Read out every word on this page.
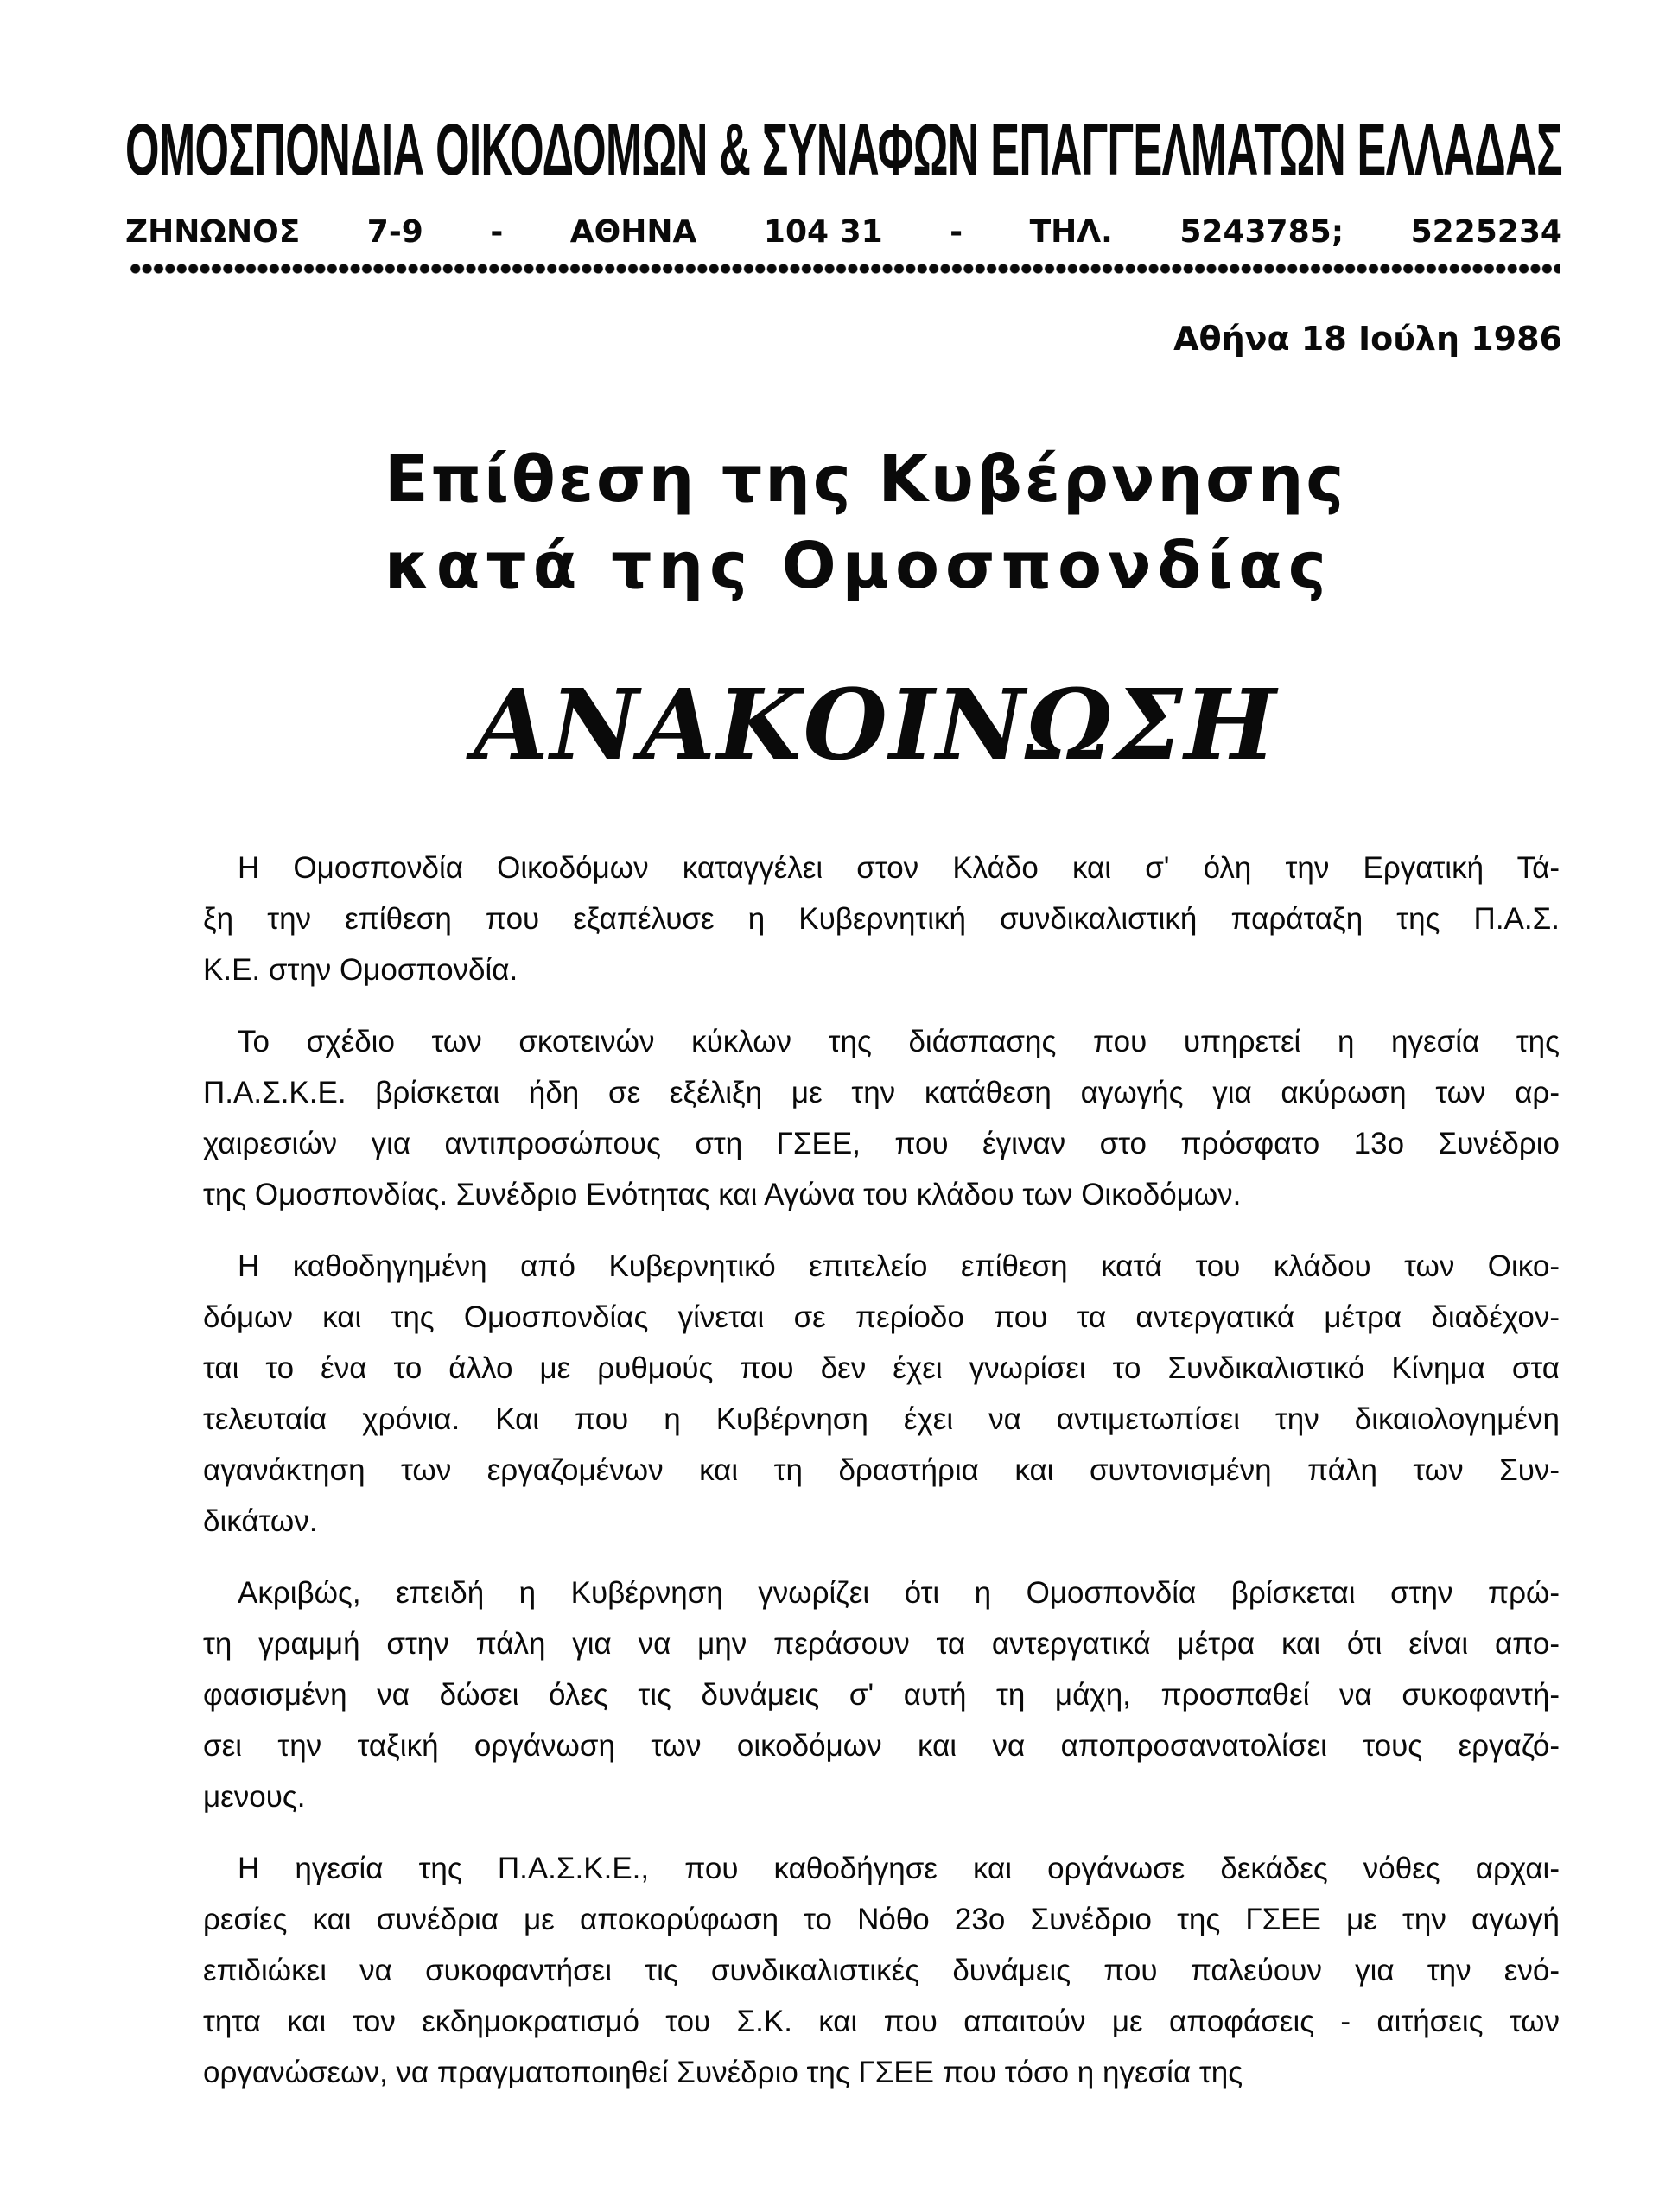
ΟΜΟΣΠΟΝΔΙΑ ΟΙΚΟΔΟΜΩΝ & ΣΥΝΑΦΩΝ ΕΠΑΓΓΕΛΜΑΤΩΝ ΕΛΛΑΔΑΣ
ΖΗΝΩΝΟΣ 7-9 - ΑΘΗΝΑ 104 31 - ΤΗΛ. 5243785; 5225234
Αθήνα 18 Ιούλη 1986
Επίθεση της Κυβέρνησης
κατά της Ομοσπονδίας
ΑΝΑΚΟΙΝΩΣΗ
Η Ομοσπονδία Οικοδόμων καταγγέλει στον Κλάδο και σ' όλη την Εργατική Τά-
ξη την επίθεση που εξαπέλυσε η Κυβερνητική συνδικαλιστική παράταξη της Π.Α.Σ.
Κ.Ε. στην Ομοσπονδία.
Το σχέδιο των σκοτεινών κύκλων της διάσπασης που υπηρετεί η ηγεσία της
Π.Α.Σ.Κ.Ε. βρίσκεται ήδη σε εξέλιξη με την κατάθεση αγωγής για ακύρωση των αρ-
χαιρεσιών για αντιπροσώπους στη ΓΣΕΕ, που έγιναν στο πρόσφατο 13ο Συνέδριο
της Ομοσπονδίας. Συνέδριο Ενότητας και Αγώνα του κλάδου των Οικοδόμων.
Η καθοδηγημένη από Κυβερνητικό επιτελείο επίθεση κατά του κλάδου των Οικο-
δόμων και της Ομοσπονδίας γίνεται σε περίοδο που τα αντεργατικά μέτρα διαδέχον-
ται το ένα το άλλο με ρυθμούς που δεν έχει γνωρίσει το Συνδικαλιστικό Κίνημα στα
τελευταία χρόνια. Και που η Κυβέρνηση έχει να αντιμετωπίσει την δικαιολογημένη
αγανάκτηση των εργαζομένων και τη δραστήρια και συντονισμένη πάλη των Συν-
δικάτων.
Ακριβώς, επειδή η Κυβέρνηση γνωρίζει ότι η Ομοσπονδία βρίσκεται στην πρώ-
τη γραμμή στην πάλη για να μην περάσουν τα αντεργατικά μέτρα και ότι είναι απο-
φασισμένη να δώσει όλες τις δυνάμεις σ' αυτή τη μάχη, προσπαθεί να συκοφαντή-
σει την ταξική οργάνωση των οικοδόμων και να αποπροσανατολίσει τους εργαζό-
μενους.
Η ηγεσία της Π.Α.Σ.Κ.Ε., που καθοδήγησε και οργάνωσε δεκάδες νόθες αρχαι-
ρεσίες και συνέδρια με αποκορύφωση το Νόθο 23ο Συνέδριο της ΓΣΕΕ με την αγωγή
επιδιώκει να συκοφαντήσει τις συνδικαλιστικές δυνάμεις που παλεύουν για την ενό-
τητα και τον εκδημοκρατισμό του Σ.Κ. και που απαιτούν με αποφάσεις - αιτήσεις των
οργανώσεων, να πραγματοποιηθεί Συνέδριο της ΓΣΕΕ που τόσο η ηγεσία της
